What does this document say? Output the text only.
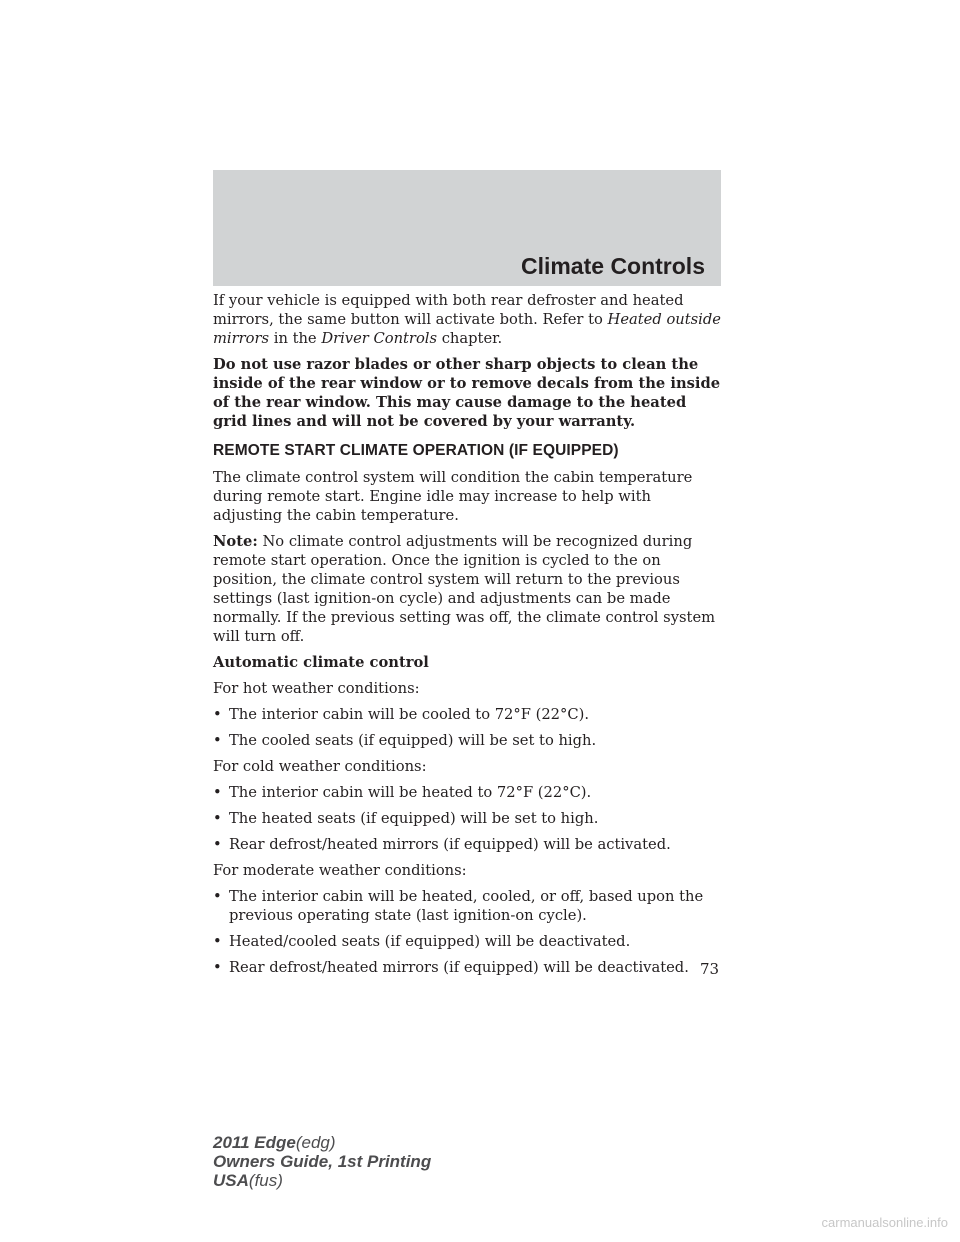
Climate Controls

If your vehicle is equipped with both rear defroster and heated mirrors, the same button will activate both. Refer to Heated outside mirrors in the Driver Controls chapter.

Do not use razor blades or other sharp objects to clean the inside of the rear window or to remove decals from the inside of the rear window. This may cause damage to the heated grid lines and will not be covered by your warranty.

REMOTE START CLIMATE OPERATION (IF EQUIPPED)

The climate control system will condition the cabin temperature during remote start. Engine idle may increase to help with adjusting the cabin temperature.

Note: No climate control adjustments will be recognized during remote start operation. Once the ignition is cycled to the on position, the climate control system will return to the previous settings (last ignition-on cycle) and adjustments can be made normally. If the previous setting was off, the climate control system will turn off.

Automatic climate control

For hot weather conditions:

• The interior cabin will be cooled to 72°F (22°C).
• The cooled seats (if equipped) will be set to high.

For cold weather conditions:

• The interior cabin will be heated to 72°F (22°C).
• The heated seats (if equipped) will be set to high.
• Rear defrost/heated mirrors (if equipped) will be activated.

For moderate weather conditions:

• The interior cabin will be heated, cooled, or off, based upon the previous operating state (last ignition-on cycle).
• Heated/cooled seats (if equipped) will be deactivated.
• Rear defrost/heated mirrors (if equipped) will be deactivated. 73
2011 Edge(edg)
Owners Guide, 1st Printing
USA(fus)
carmanualsonline.info
